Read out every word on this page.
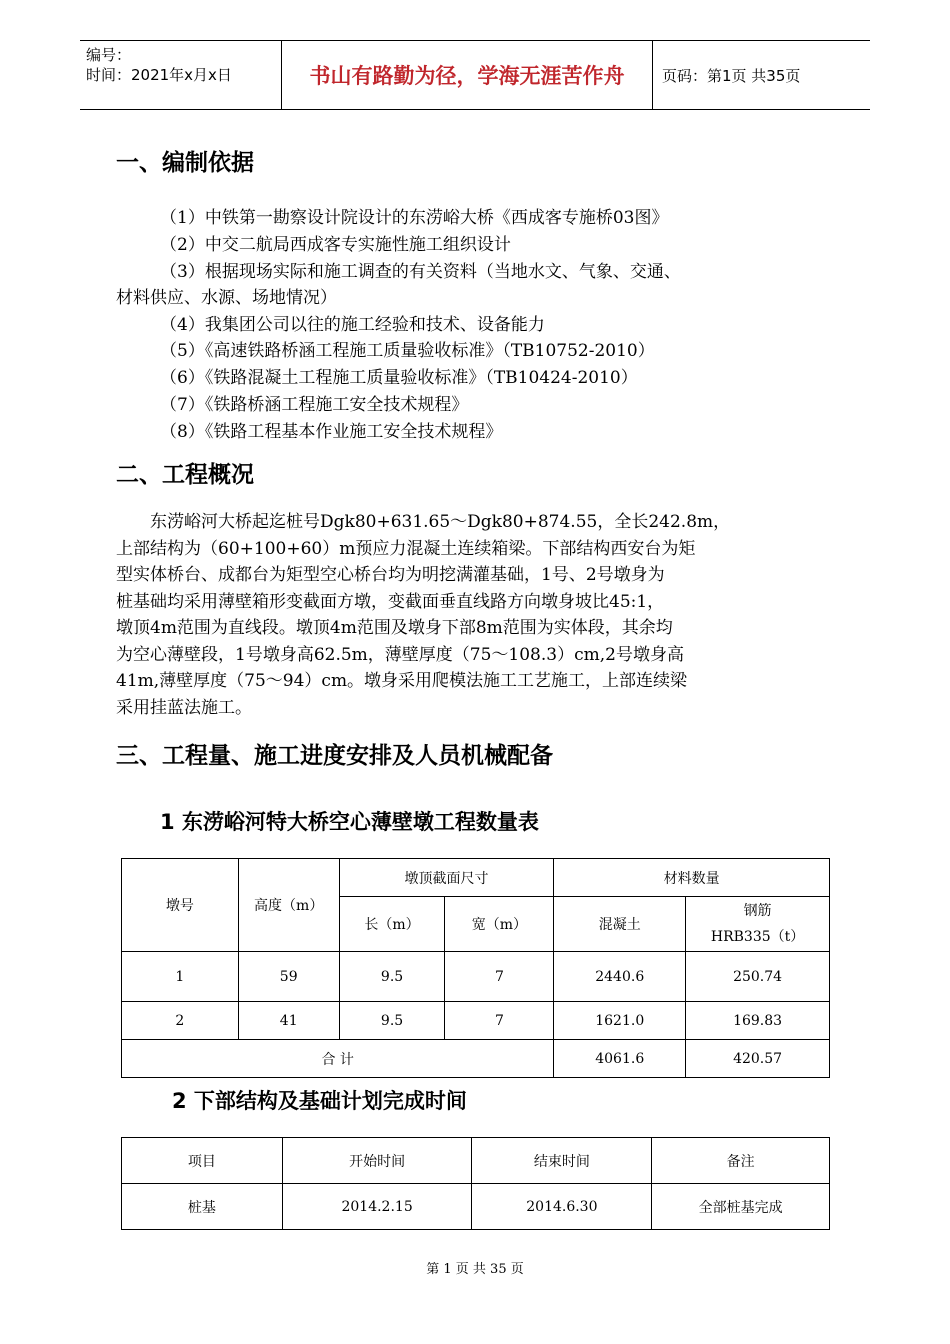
编号：
时间：2021年x月x日	书山有路勤为径，学海无涯苦作舟	页码：第1页 共35页
一、编制依据
（1）中铁第一勘察设计院设计的东涝峪大桥《西成客专施桥03图》
（2）中交二航局西成客专实施性施工组织设计
（3）根据现场实际和施工调查的有关资料（当地水文、气象、交通、
材料供应、水源、场地情况）
（4）我集团公司以往的施工经验和技术、设备能力
（5）《高速铁路桥涵工程施工质量验收标准》（TB10752-2010）
（6）《铁路混凝土工程施工质量验收标准》（TB10424-2010）
（7）《铁路桥涵工程施工安全技术规程》
（8）《铁路工程基本作业施工安全技术规程》
二、工程概况

　　东涝峪河大桥起迄桩号Dgk80+631.65～Dgk80+874.55，全长242.8m，

上部结构为（60+100+60）m预应力混凝土连续箱梁。下部结构西安台为矩

型实体桥台、成都台为矩型空心桥台均为明挖满灌基础，1号、2号墩身为

桩基础均采用薄壁箱形变截面方墩，变截面垂直线路方向墩身坡比45:1，

墩顶4m范围为直线段。墩顶4m范围及墩身下部8m范围为实体段，其余均

为空心薄壁段，1号墩身高62.5m，薄壁厚度（75～108.3）cm,2号墩身高

41m,薄壁厚度（75～94）cm。墩身采用爬模法施工工艺施工，上部连续梁

采用挂蓝法施工。

三、工程量、施工进度安排及人员机械配备
1 东涝峪河特大桥空心薄壁墩工程数量表
墩号	高度（m）	墩顶截面尺寸		材料数量	
		长（m）	宽（m）	混凝土	钢筋
HRB335（t）

1	59	9.5	7	2440.6	250.74
2	41	9.5	7	1621.0	169.83
合 计				4061.6	420.57
2 下部结构及基础计划完成时间
项目	开始时间	结束时间	备注
桩基	2014.2.15	2014.6.30	全部桩基完成
第 1 页 共 35 页
